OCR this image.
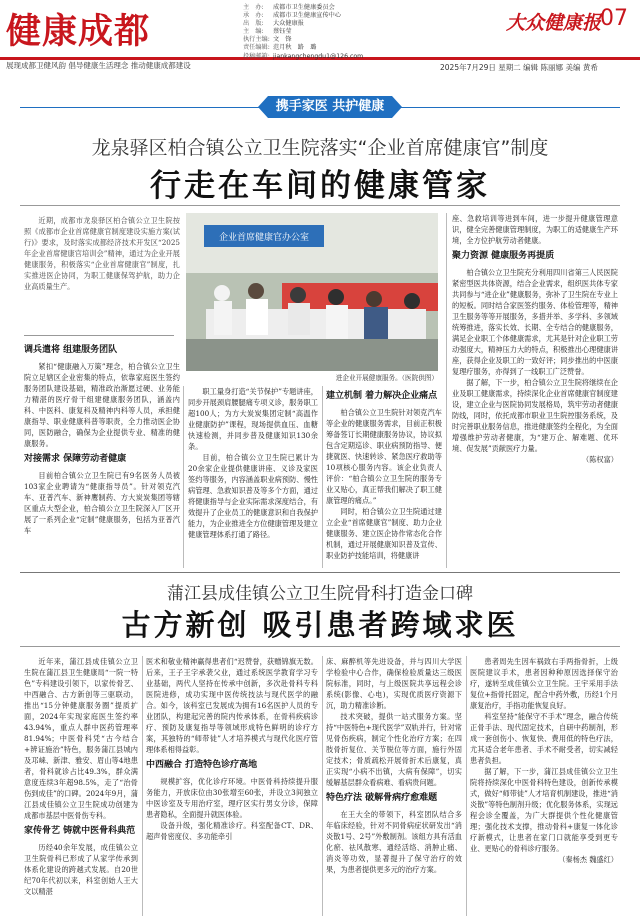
健康成都
主　办:	成都市卫生健康委员会
承　办:	成都市卫生健康宣传中心
出　版:	大众健康报
主　编:	蔡钰莹
执行主编: 文　锋
责任编辑: 范月秋　路　璐
投稿邮箱: jiankangchengdu1@126.com
大众健康报
07
展现成都卫健风韵 倡导健康生活理念 推动健康成都建设	2025年7月29日 星期二 编辑 陈丽娜 美编 黄希
携手家医 共护健康
龙泉驿区柏合镇公立卫生院落实“企业首席健康官”制度
行走在车间的健康管家

近期，成都市龙泉驿区柏合镇公立卫生院按照《成都市企业首席健康官制度建设实施方案(试行)》要求，及时落实成都经济技术开发区“2025年企业首席健康官培训会”精神，通过为企业开展健康服务，积极落实“企业首席健康官”制度，扎实推进医企协同，为职工健康保驾护航，助力企业高质量生产。

企业首席健康官办公室
进企业开展健康服务。（医院供图）
调兵遣将 组建服务团队

紧扣“健康融入万策”理念，柏合镇公立卫生院立足辖区企业密集的特点，依靠家庭医生签约服务团队建设基础，精准政治渐愿过硬、业务能力精湛的医疗骨干组建健康服务团队，涵盖内科、中医科、康复科及精神内科等人员，承担健康指导、职业健康科普等职责，全力推动医企协同，医防融合，确保为企业提供专业、精准的健康服务。

对接需求 保障劳动者健康

目前柏合镇公立卫生院已有9名医务人员被103家企业聘请为“健康指导员”。针对领克汽车、亚普汽车、新神鹰制药、方大炭炭集团等辖区重点大型企业，柏合镇公立卫生院深入厂区开展了一系列企业“定制”健康服务，包括为亚普汽车

职工量身打造“关节保护”专题讲座，同步开展颈肩腰腿痛专项义诊，服务职工超100人；为方大炭炭集团定制“高温作业健康防护”课程，现场提供血压、血糖快速检测，并同步普及健康知识130余条。

目前，柏合镇公立卫生院已累计为20余家企业提供健康讲座、义诊及家医签约等服务，内容涵盖职业病预防、慢性病管理、急救知识普及等多个方面，通过将健康指导与企业实际需求深度结合，有效提升了企业员工的健康意识和自我保护能力，为企业推进全方位健康管理及建立健康管理体系打通了路径。

建立机制 着力解决企业痛点

柏合镇公立卫生院针对领克汽车等企业的健康服务需求，目前正积极筹备签订长期健康服务协议，协议拟包含定期巡诊、职业病预防指导、便捷就医、快速转诊、紧急医疗救助等10项核心服务内容。该企业负责人评价：“柏合镇公立卫生院的服务专业又贴心，真正帮我们解决了职工健康管理的痛点。”

同时，柏合镇公立卫生院通过建立企业“首席健康官”制度、助力企业健康服务、建立医企协作常态化合作机制，通过开展健康知识普及宣传、职业防护技能培训，将健康讲

座、急救培训等进到车间，进一步提升健康管理意识，健全完善健康管理制度，为职工的适健康生产环境，全方位护航劳动者健康。

聚力资源 健康服务再提质

柏合镇公立卫生院充分利用四川省第三人民医院紧密型医共体资源，结合企业需求，组织医共体专家共同参与“进企业”健康服务，弥补了卫生院在专业上的短板。同时结合家医签约服务、体检管理等，精神卫生服务等等开展服务，多措并举、多学科、多领域统筹推进，落实长效、长期、全专结合的健康服务，满足企业职工个体健康需求，尤其是针对企业职工劳动强度大，精神压力大的特点，积极推出心理健康讲座，获得企业及职工的一致好评；同步推出的中医康复理疗服务，亦得到了一线职工广泛赞誉。

据了解，下一步，柏合镇公立卫生院将继续在企业及职工健康需求，持续深化企业首席健康官制度建设，建立企业与医院协同发展格局，筑牢劳动者健康防线，同时，依托成都市职业卫生院控服务系统，及时完善职业服务信息，推进健康签约全程化，为全面增强维护劳动者健康，为“建万企、解难题、优环境、促发展”贡献医疗力量。

（陈权富）
蒲江县成佳镇公立卫生院骨科打造金口碑
古方新创 吸引患者跨域求医

近年来，蒲江县成佳镇公立卫生院在蒲江县卫生健康局“一院一特色”专科建设引领下，以家传骨艺、中西融合、古方新创等三驱联动，推出“15分钟健康服务圈”提质扩面，2024年实现家庭医生签约率43.94%，重点人群中医药管理率81.94%；中医骨科凭“古今结合+辨证施治”特色，服务蒲江县城内及邛崃、新津、雅安、眉山等4地患者，骨科就诊占比49.3%，群众满意度连续3年超98.5%，走了“治骨伤到成佳”的口碑。2024年9月，蒲江县成佳镇公立卫生院成功创建为成都市基层中医骨伤专科。

家传骨艺 铸就中医骨科典范

历经40余年发展，成佳镇公立卫生院骨科已形成了从家学传承到体系化建设的跨越式发展。自20世纪70年代初以来，科室创始人王大文以精湛

医术和敬业精神赢得患者们“迟赞誉，获赠锦旗无数。后来，王子王字承袭父业，通过系统医学教育学习专业基础，两代人坚持在传承中创新，多次赴骨科专科医院进修，成功实现中医传统技法与现代医学的融合。如今，该科室已发展成为拥有16名医护人员的专业团队，构建起完善的院内传承体系，在骨科疾病诊疗、预防及康复指导等领域形成特色鲜明的诊疗方案，其独特的“师带徒”人才培养模式与现代化医疗管理体系相得益彰。

中西融合 打造特色诊疗高地

规模扩容，优化诊疗环境。中医骨科持续提升服务能力，开放床位由30张增至60张，并设立3间独立中医诊室及专用治疗室，理疗区实行男女分诊，保障患者隐私，全面提升就医体验。

设备升级，强化精准诊疗。科室配备CT、DR、超声骨密度仪、多功能牵引

床、麻醉机等先进设备，并与四川大学医学检验中心合作，确保检验质量达三级医院标准，同时，与上级医院共享远程会诊系统(影像、心电)，实现优质医疗资源下沉，助力精准诊断。

技术突破，提供一站式服务方案。坚持“中医特色+现代医学”双轨并行，针对常见骨伤疾病，制定个性化治疗方案；在四肢骨折复位、关节脱位等方面，施行外固定技术；骨质疏松开展骨折术后康复，真正实现“小病不出镇，大病有保障”，切实缓解基层群众看病难、看病贵问题。

特色疗法 破解骨病疗愈难题

在王大全的带领下，科室团队结合多年临床经验，针对不同骨病症状研发出“消炎散1号、2号”外敷制剂。该组方具有活血化瘀、祛风散寒、通经活络、消肿止痛、消炎等功效，显著提升了保守治疗的效果，为患者提供更多元的治疗方案。

患者周先生因车祸致右手两指骨折，上级医院建议手术，患者因种种原因选择保守治疗，遂转至成佳镇公立卫生院。王宇采用手法复位+指骨托固定，配合中药外敷，历经1个月康复治疗，手指功能恢复良好。

科室坚持“能保守不手术”理念，融合传统正骨手法、现代固定技术，自研中药制剂，形成一套创伤小、恢复快、费用低的特色疗法，尤其适合老年患者、手术不耐受者，切实减轻患者负担。

据了解，下一步，蒲江县成佳镇公立卫生院将持续深化中医骨科特色建设，创新传承模式，做好“师带徒”人才培育机制建设，推进“消炎散”等特色制剂升级；优化服务体系，实现远程会诊全覆盖，为广大群提供个性化健康管理；强化技术支撑，推动骨科+康复一体化诊疗新模式，让患者在家门口就能享受到更专业、更贴心的骨科诊疗服务。

（秦杨杰 魏盛红）
